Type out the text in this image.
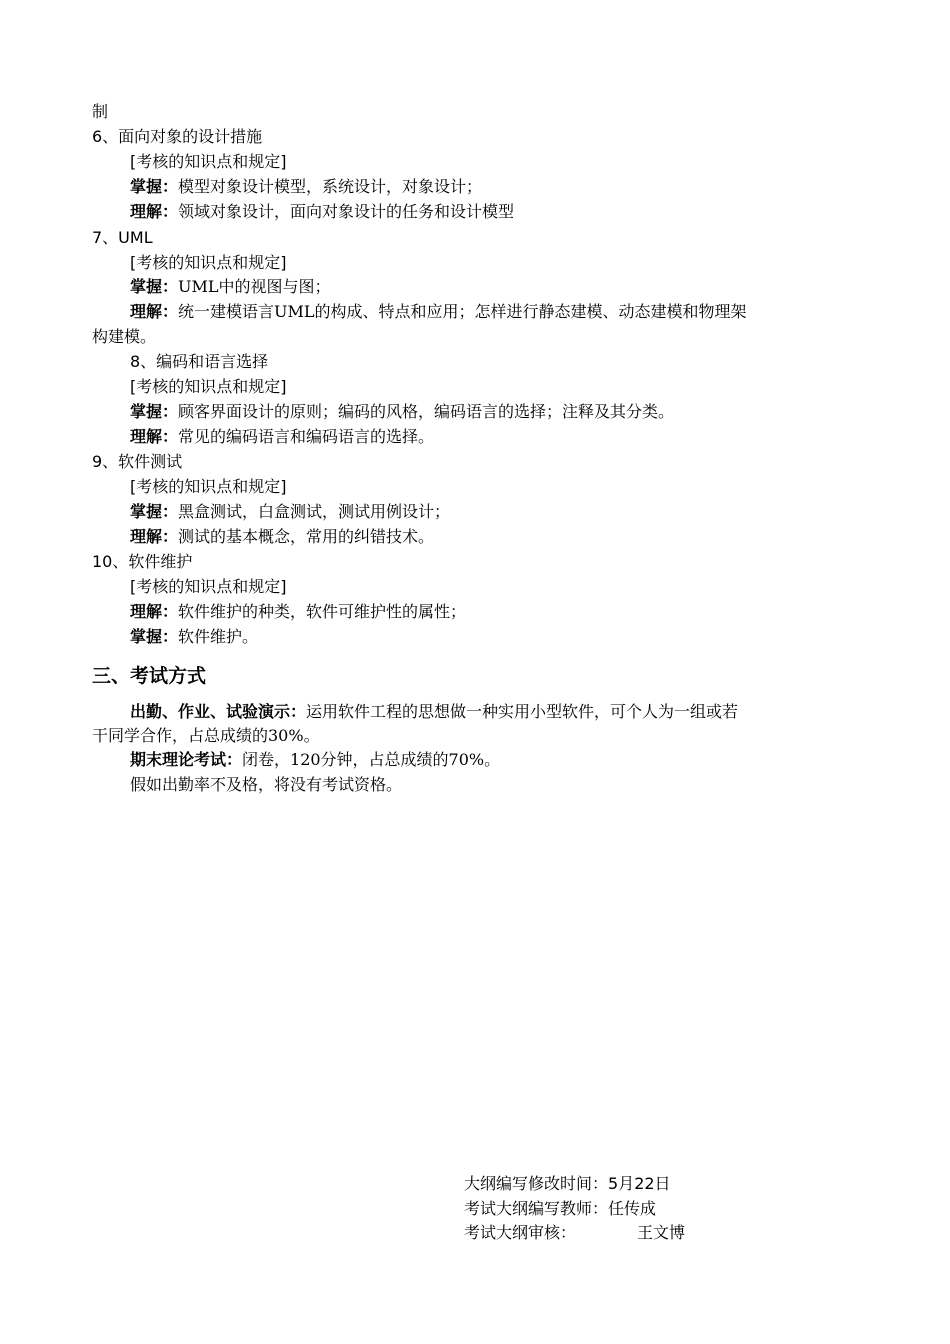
制
6、面向对象的设计措施
[考核的知识点和规定]
掌握：模型对象设计模型，系统设计，对象设计；
理解：领域对象设计，面向对象设计的任务和设计模型
7、UML
[考核的知识点和规定]
掌握：UML中的视图与图；
理解：统一建模语言UML的构成、特点和应用；怎样进行静态建模、动态建模和物理架
构建模。
8、编码和语言选择
[考核的知识点和规定]
掌握：顾客界面设计的原则；编码的风格，编码语言的选择；注释及其分类。
理解：常见的编码语言和编码语言的选择。
9、软件测试
[考核的知识点和规定]
掌握：黑盒测试，白盒测试，测试用例设计；
理解：测试的基本概念，常用的纠错技术。
10、软件维护
[考核的知识点和规定]
理解：软件维护的种类，软件可维护性的属性；
掌握：软件维护。
三、考试方式
出勤、作业、试验演示：运用软件工程的思想做一种实用小型软件，可个人为一组或若
干同学合作，占总成绩的30%。
期末理论考试：闭卷，120分钟，占总成绩的70%。
假如出勤率不及格，将没有考试资格。
大纲编写修改时间：5月22日
考试大纲编写教师：任传成
考试大纲审核：	王文博
